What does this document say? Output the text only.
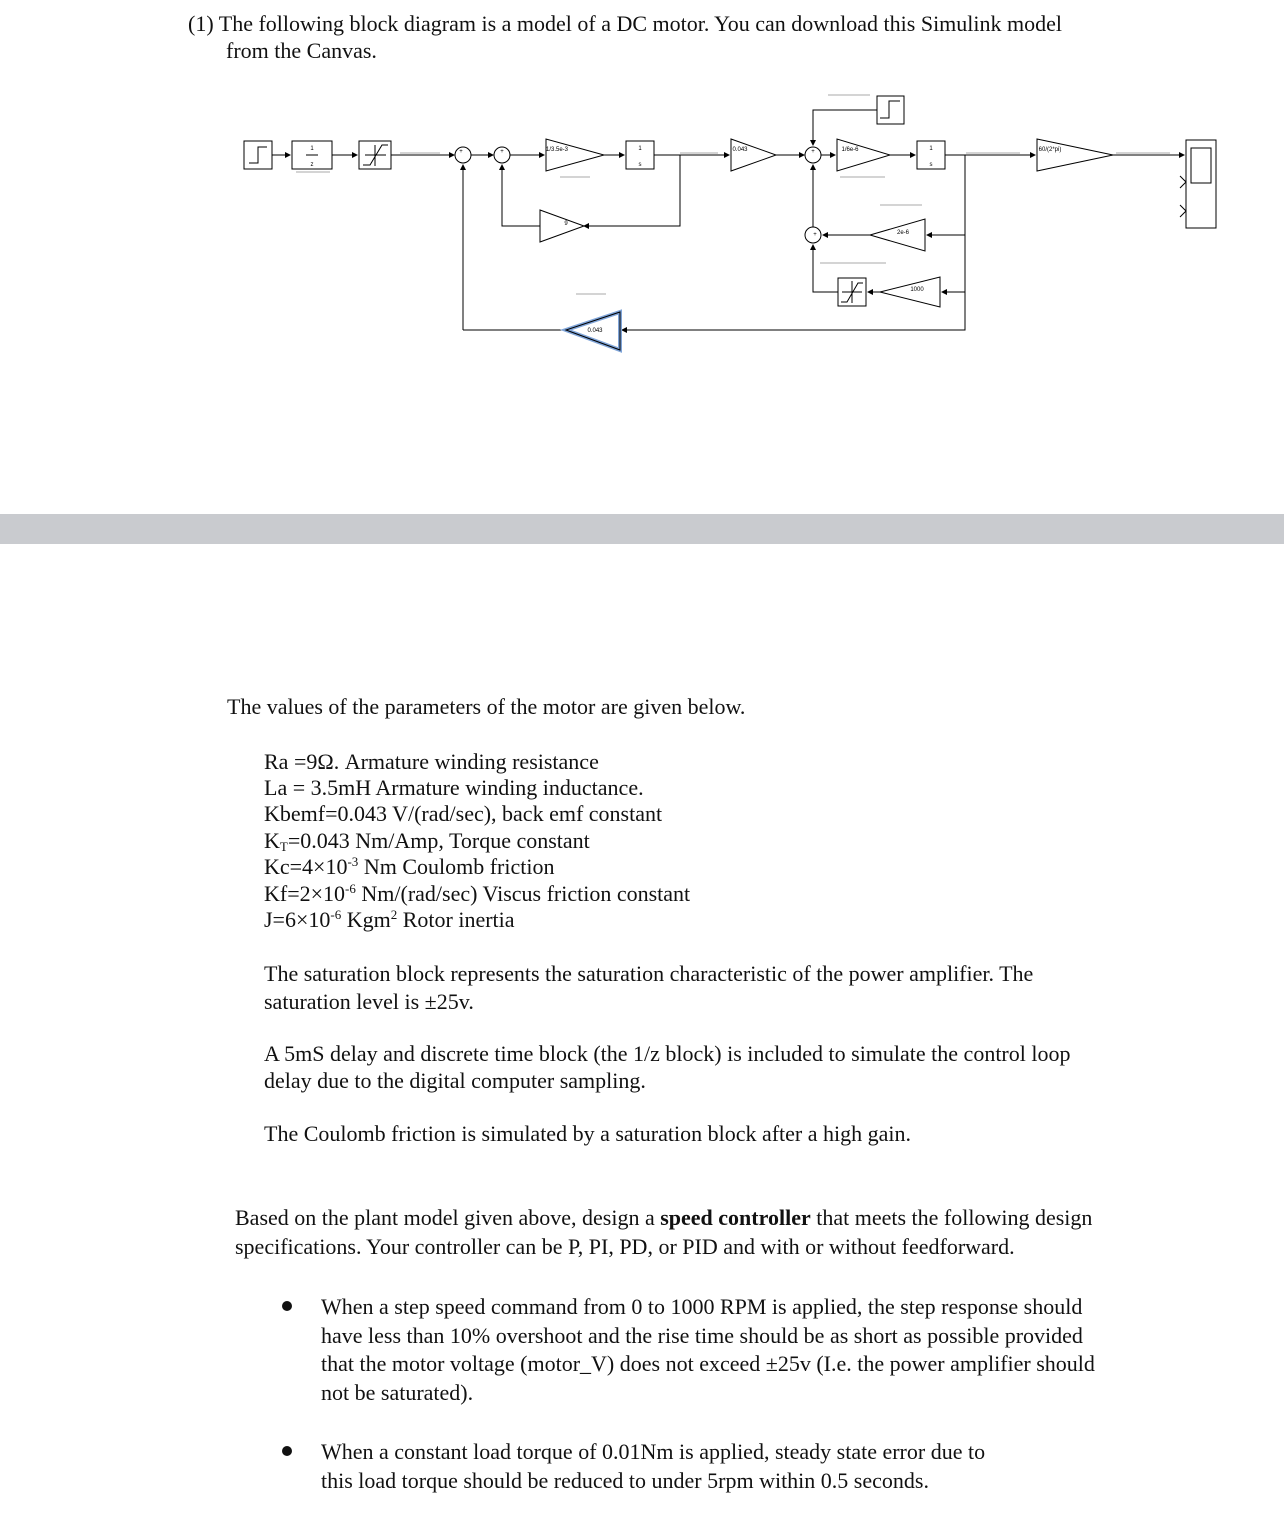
(1) The following block diagram is a model of a DC motor. You can download this Simulink model
from the Canvas.
1
z
1
s
1
s
1/3.5e-3	0.043	1/6e-6	60/(2*pi)
9
2e-6
1000
0.043
+	+	+
+
The values of the parameters of the motor are given below.
Ra =9Ω. Armature winding resistance
La = 3.5mH Armature winding inductance.
Kbemf=0.043 V/(rad/sec), back emf constant
$K_T=0.043$ Nm/Amp, Torque constant
$Kc=4\times 10^{-3}$ Nm Coulomb friction
$Kf=2\times 10^{-6}$ Nm/(rad/sec) Viscus friction constant
$J=6\times 10^{-6}$ Kgm$^2$ Rotor inertia
The saturation block represents the saturation characteristic of the power amplifier. The
saturation level is ±25v.
A 5mS delay and discrete time block (the 1/z block) is included to simulate the control loop
delay due to the digital computer sampling.
The Coulomb friction is simulated by a saturation block after a high gain.
Based on the plant model given above, design a speed controller that meets the following design
specifications. Your controller can be P, PI, PD, or PID and with or without feedforward.
When a step speed command from 0 to 1000 RPM is applied, the step response should
have less than 10% overshoot and the rise time should be as short as possible provided
that the motor voltage (motor_V) does not exceed ±25v (I.e. the power amplifier should
not be saturated).
When a constant load torque of 0.01Nm is applied, steady state error due to
this load torque should be reduced to under 5rpm within 0.5 seconds.
